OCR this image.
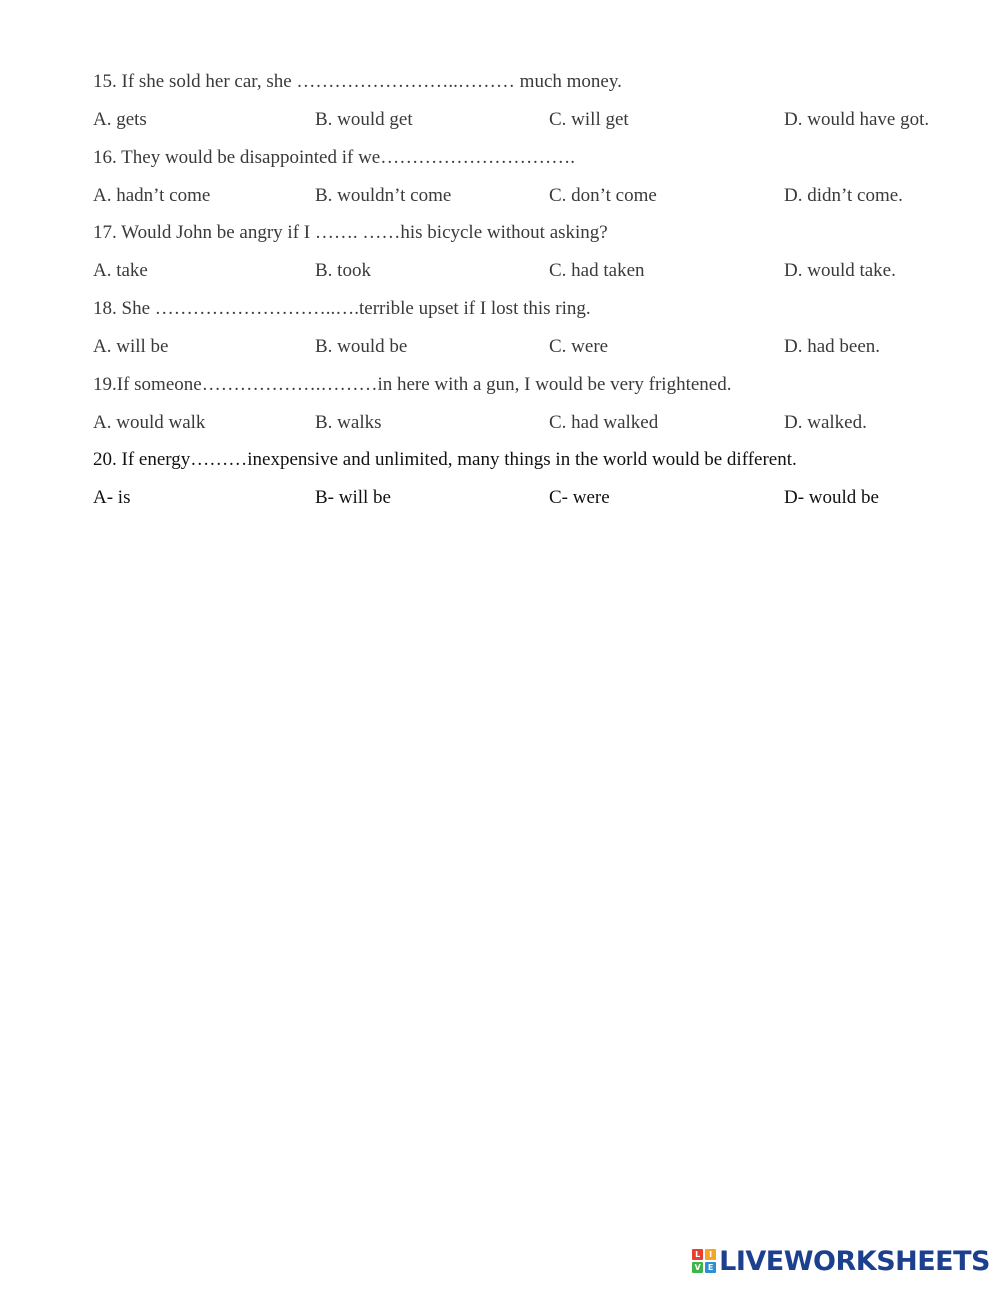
15. If she sold her car, she ……………………..……… much money.
A. gets	B. would get	C. will get	D. would have got.
16. They would be disappointed if we………………………….
A. hadn’t come	B. wouldn’t come	C. don’t come	D. didn’t come.
17. Would John be angry if I ……. ……his bicycle without asking?
A. take	B. took	C. had taken	D. would take.
18. She ………………………..….terrible upset if I lost this ring.
A. will be	B. would be	C. were	D. had been.
19.If someone……………….………in here with a gun, I would be very frightened.
A. would walk	B. walks	C. had walked	D. walked.
20. If energy………inexpensive and unlimited, many things in the world would be different.
A- is	B- will be	C- were	D- would be
L	I
V E LIVEWORKSHEETS
